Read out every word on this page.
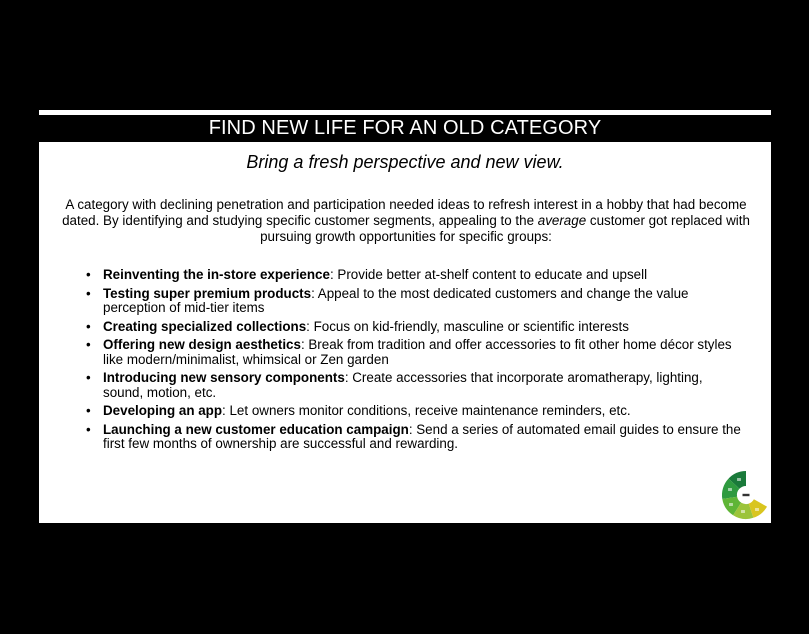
FIND NEW LIFE FOR AN OLD CATEGORY
Bring a fresh perspective and new view.
A category with declining penetration and participation needed ideas to refresh interest in a hobby that had become dated. By identifying and studying specific customer segments, appealing to the average customer got replaced with pursuing growth opportunities for specific groups:
• Reinventing the in-store experience: Provide better at-shelf content to educate and upsell
• Testing super premium products: Appeal to the most dedicated customers and change the value perception of mid-tier items
• Creating specialized collections: Focus on kid-friendly, masculine or scientific interests
• Offering new design aesthetics: Break from tradition and offer accessories to fit other home décor styles like modern/minimalist, whimsical or Zen garden
• Introducing new sensory components: Create accessories that incorporate aromatherapy, lighting, sound, motion, etc.
• Developing an app: Let owners monitor conditions, receive maintenance reminders, etc.
• Launching a new customer education campaign: Send a series of automated email guides to ensure the first few months of ownership are successful and rewarding.
